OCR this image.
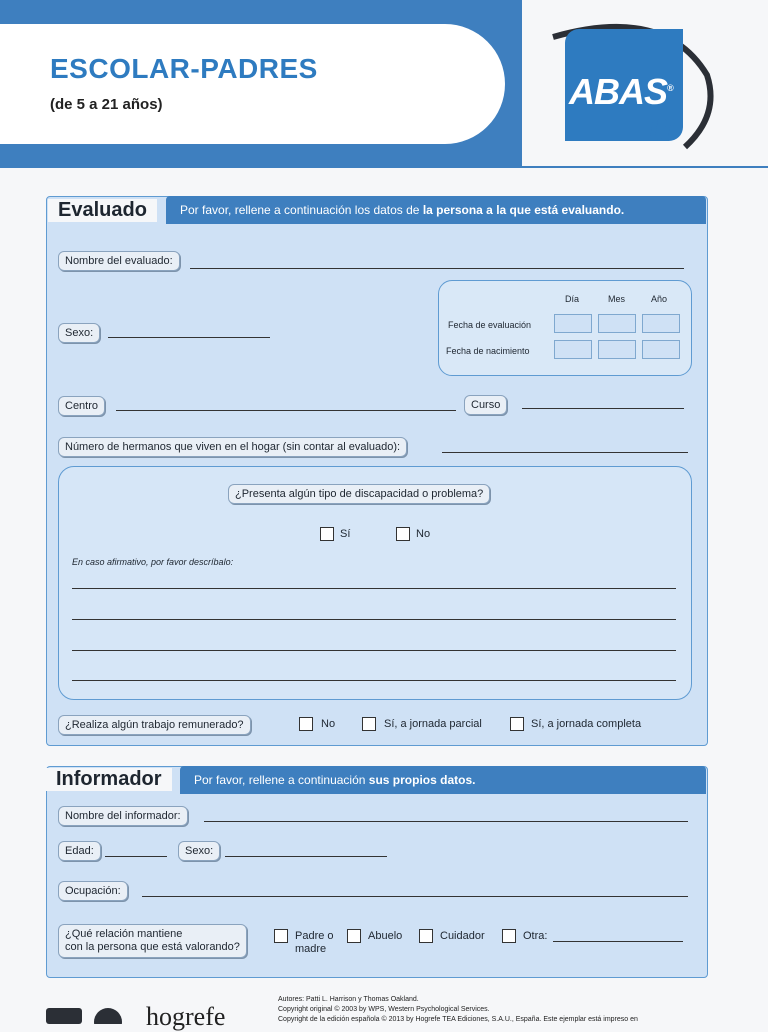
ESCOLAR-PADRES
(de 5 a 21 años)	ABAS®
II
Por favor, rellene a continuación los datos de la persona a la que está evaluando.
Evaluado
Nombre del evaluado:
Día	Mes	Año
Fecha de evaluación
Fecha de nacimiento
Sexo:
Centro	Curso
Número de hermanos que viven en el hogar (sin contar al evaluado):
¿Presenta algún tipo de discapacidad o problema?
Sí	No
En caso afirmativo, por favor descríbalo:
¿Realiza algún trabajo remunerado?	No	Sí, a jornada parcial	Sí, a jornada completa
Por favor, rellene a continuación sus propios datos.
Informador
Nombre del informador:
Edad:	Sexo:
Ocupación:
¿Qué relación mantiene
con la persona que está valorando?
Padre o
madre
Abuelo	Cuidador	Otra:
hogrefe
Autores: Patti L. Harrison y Thomas Oakland.
Copyright original © 2003 by WPS, Western Psychological Services.
Copyright de la edición española © 2013 by Hogrefe TEA Ediciones, S.A.U., España. Este ejemplar está impreso en
